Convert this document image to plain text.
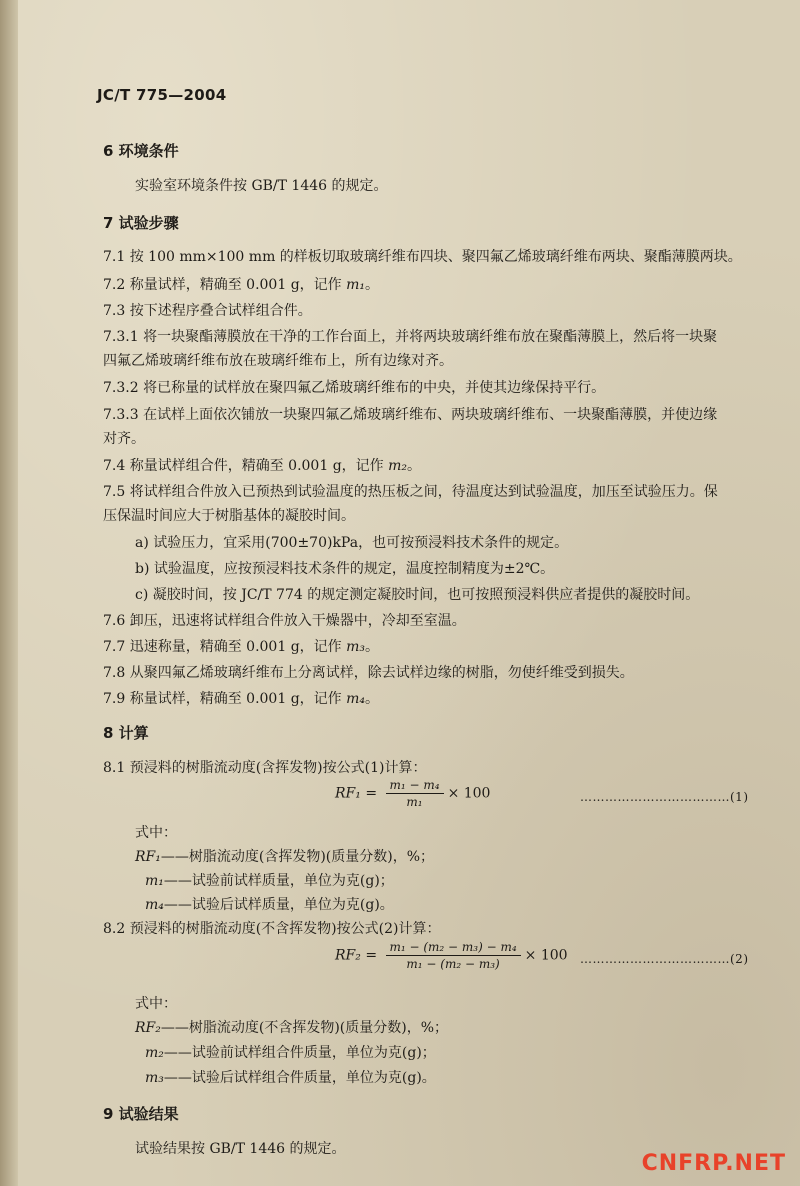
JC/T 775—2004
6 环境条件
实验室环境条件按 GB/T 1446 的规定。
7 试验步骤
7.1 按 100 mm×100 mm 的样板切取玻璃纤维布四块、聚四氟乙烯玻璃纤维布两块、聚酯薄膜两块。
7.2 称量试样，精确至 0.001 g，记作 m₁。
7.3 按下述程序叠合试样组合件。
7.3.1 将一块聚酯薄膜放在干净的工作台面上，并将两块玻璃纤维布放在聚酯薄膜上，然后将一块聚
四氟乙烯玻璃纤维布放在玻璃纤维布上，所有边缘对齐。
7.3.2 将已称量的试样放在聚四氟乙烯玻璃纤维布的中央，并使其边缘保持平行。
7.3.3 在试样上面依次铺放一块聚四氟乙烯玻璃纤维布、两块玻璃纤维布、一块聚酯薄膜，并使边缘
对齐。
7.4 称量试样组合件，精确至 0.001 g，记作 m₂。
7.5 将试样组合件放入已预热到试验温度的热压板之间，待温度达到试验温度，加压至试验压力。保
压保温时间应大于树脂基体的凝胶时间。
a) 试验压力，宜采用(700±70)kPa，也可按预浸料技术条件的规定。
b) 试验温度，应按预浸料技术条件的规定，温度控制精度为±2℃。
c) 凝胶时间，按 JC/T 774 的规定测定凝胶时间，也可按照预浸料供应者提供的凝胶时间。
7.6 卸压，迅速将试样组合件放入干燥器中，冷却至室温。
7.7 迅速称量，精确至 0.001 g，记作 m₃。
7.8 从聚四氟乙烯玻璃纤维布上分离试样，除去试样边缘的树脂，勿使纤维受到损失。
7.9 称量试样，精确至 0.001 g，记作 m₄。
8 计算
8.1 预浸料的树脂流动度(含挥发物)按公式(1)计算：
$RF_1 = \frac{\text{m₁ − m₄}}{\text{m₁}} \times 100$	………………………………(1)
式中：
RF₁——树脂流动度(含挥发物)(质量分数)，%；
m₁——试验前试样质量，单位为克(g)；
m₄——试验后试样质量，单位为克(g)。
8.2 预浸料的树脂流动度(不含挥发物)按公式(2)计算：
$RF_2 = \frac{\text{m₁ − (m₂ − m₃) − m₄}}{\text{m₁ − (m₂ − m₃)}} \times 100$ ………………………………(2)
式中：
RF₂——树脂流动度(不含挥发物)(质量分数)，%；
m₂——试验前试样组合件质量，单位为克(g)；
m₃——试验后试样组合件质量，单位为克(g)。
9 试验结果
试验结果按 GB/T 1446 的规定。
CNFRP.NET
